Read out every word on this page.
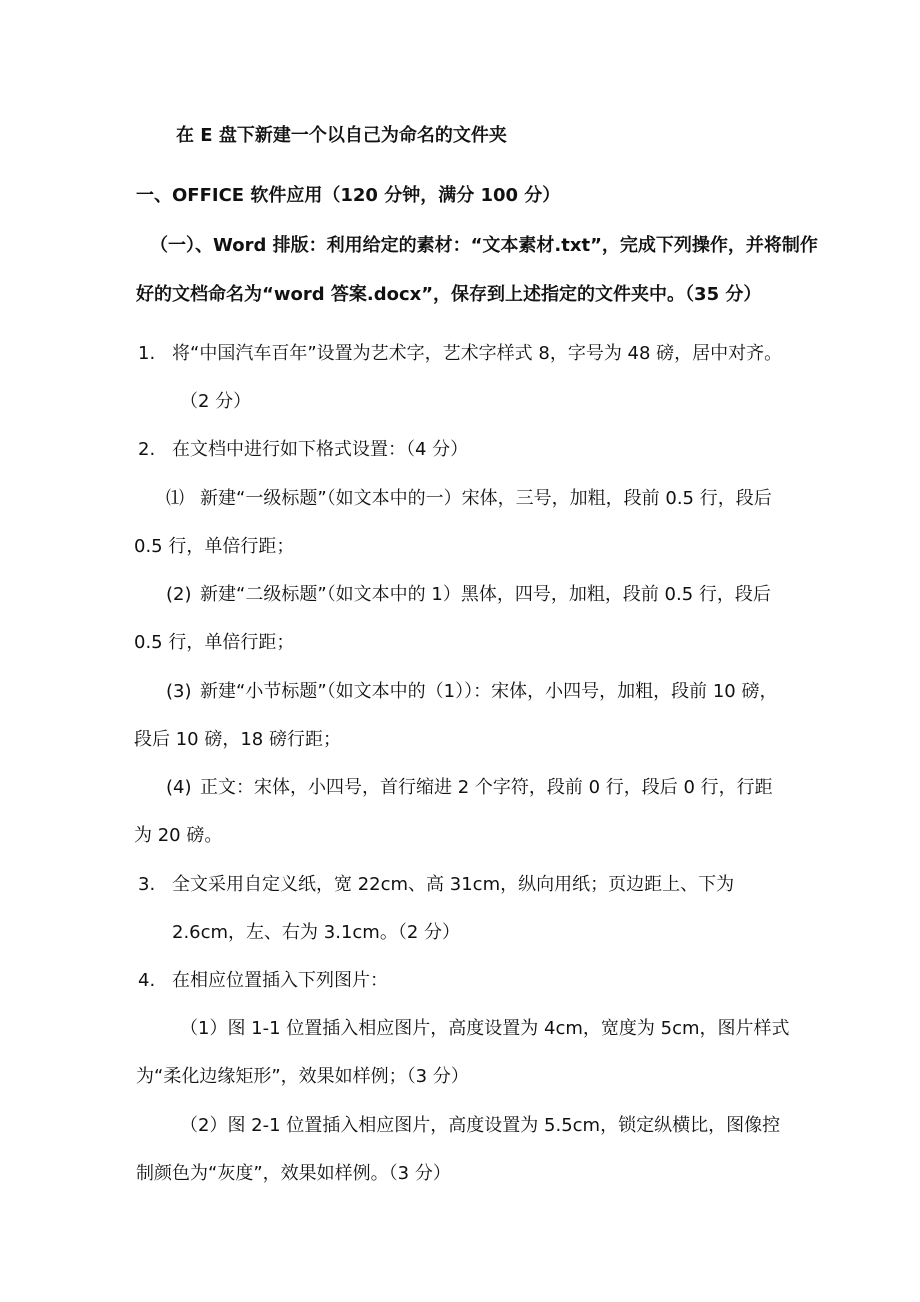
在 E 盘下新建一个以自己为命名的文件夹
一、OFFICE 软件应用（120 分钟，满分 100 分）
（一）、Word 排版：利用给定的素材：“文本素材.txt”，完成下列操作，并将制作
好的文档命名为“word 答案.docx”，保存到上述指定的文件夹中。（35 分）
1. 将“中国汽车百年”设置为艺术字，艺术字样式 8，字号为 48 磅，居中对齐。
（2 分）
2. 在文档中进行如下格式设置：（4 分）
⑴ 新建“一级标题”（如文本中的一）宋体，三号，加粗，段前 0.5 行，段后
0.5 行，单倍行距；
(2) 新建“二级标题”（如文本中的 1）黑体，四号，加粗，段前 0.5 行，段后
0.5 行，单倍行距；
(3) 新建“小节标题”（如文本中的（1））：宋体，小四号，加粗，段前 10 磅，
段后 10 磅，18 磅行距；
(4) 正文：宋体，小四号，首行缩进 2 个字符，段前 0 行，段后 0 行，行距
为 20 磅。
3. 全文采用自定义纸，宽 22cm、高 31cm，纵向用纸；页边距上、下为
2.6cm，左、右为 3.1cm。（2 分）
4. 在相应位置插入下列图片：
（1）图 1-1 位置插入相应图片，高度设置为 4cm，宽度为 5cm，图片样式
为“柔化边缘矩形”，效果如样例；（3 分）
（2）图 2-1 位置插入相应图片，高度设置为 5.5cm，锁定纵横比，图像控
制颜色为“灰度”，效果如样例。（3 分）
